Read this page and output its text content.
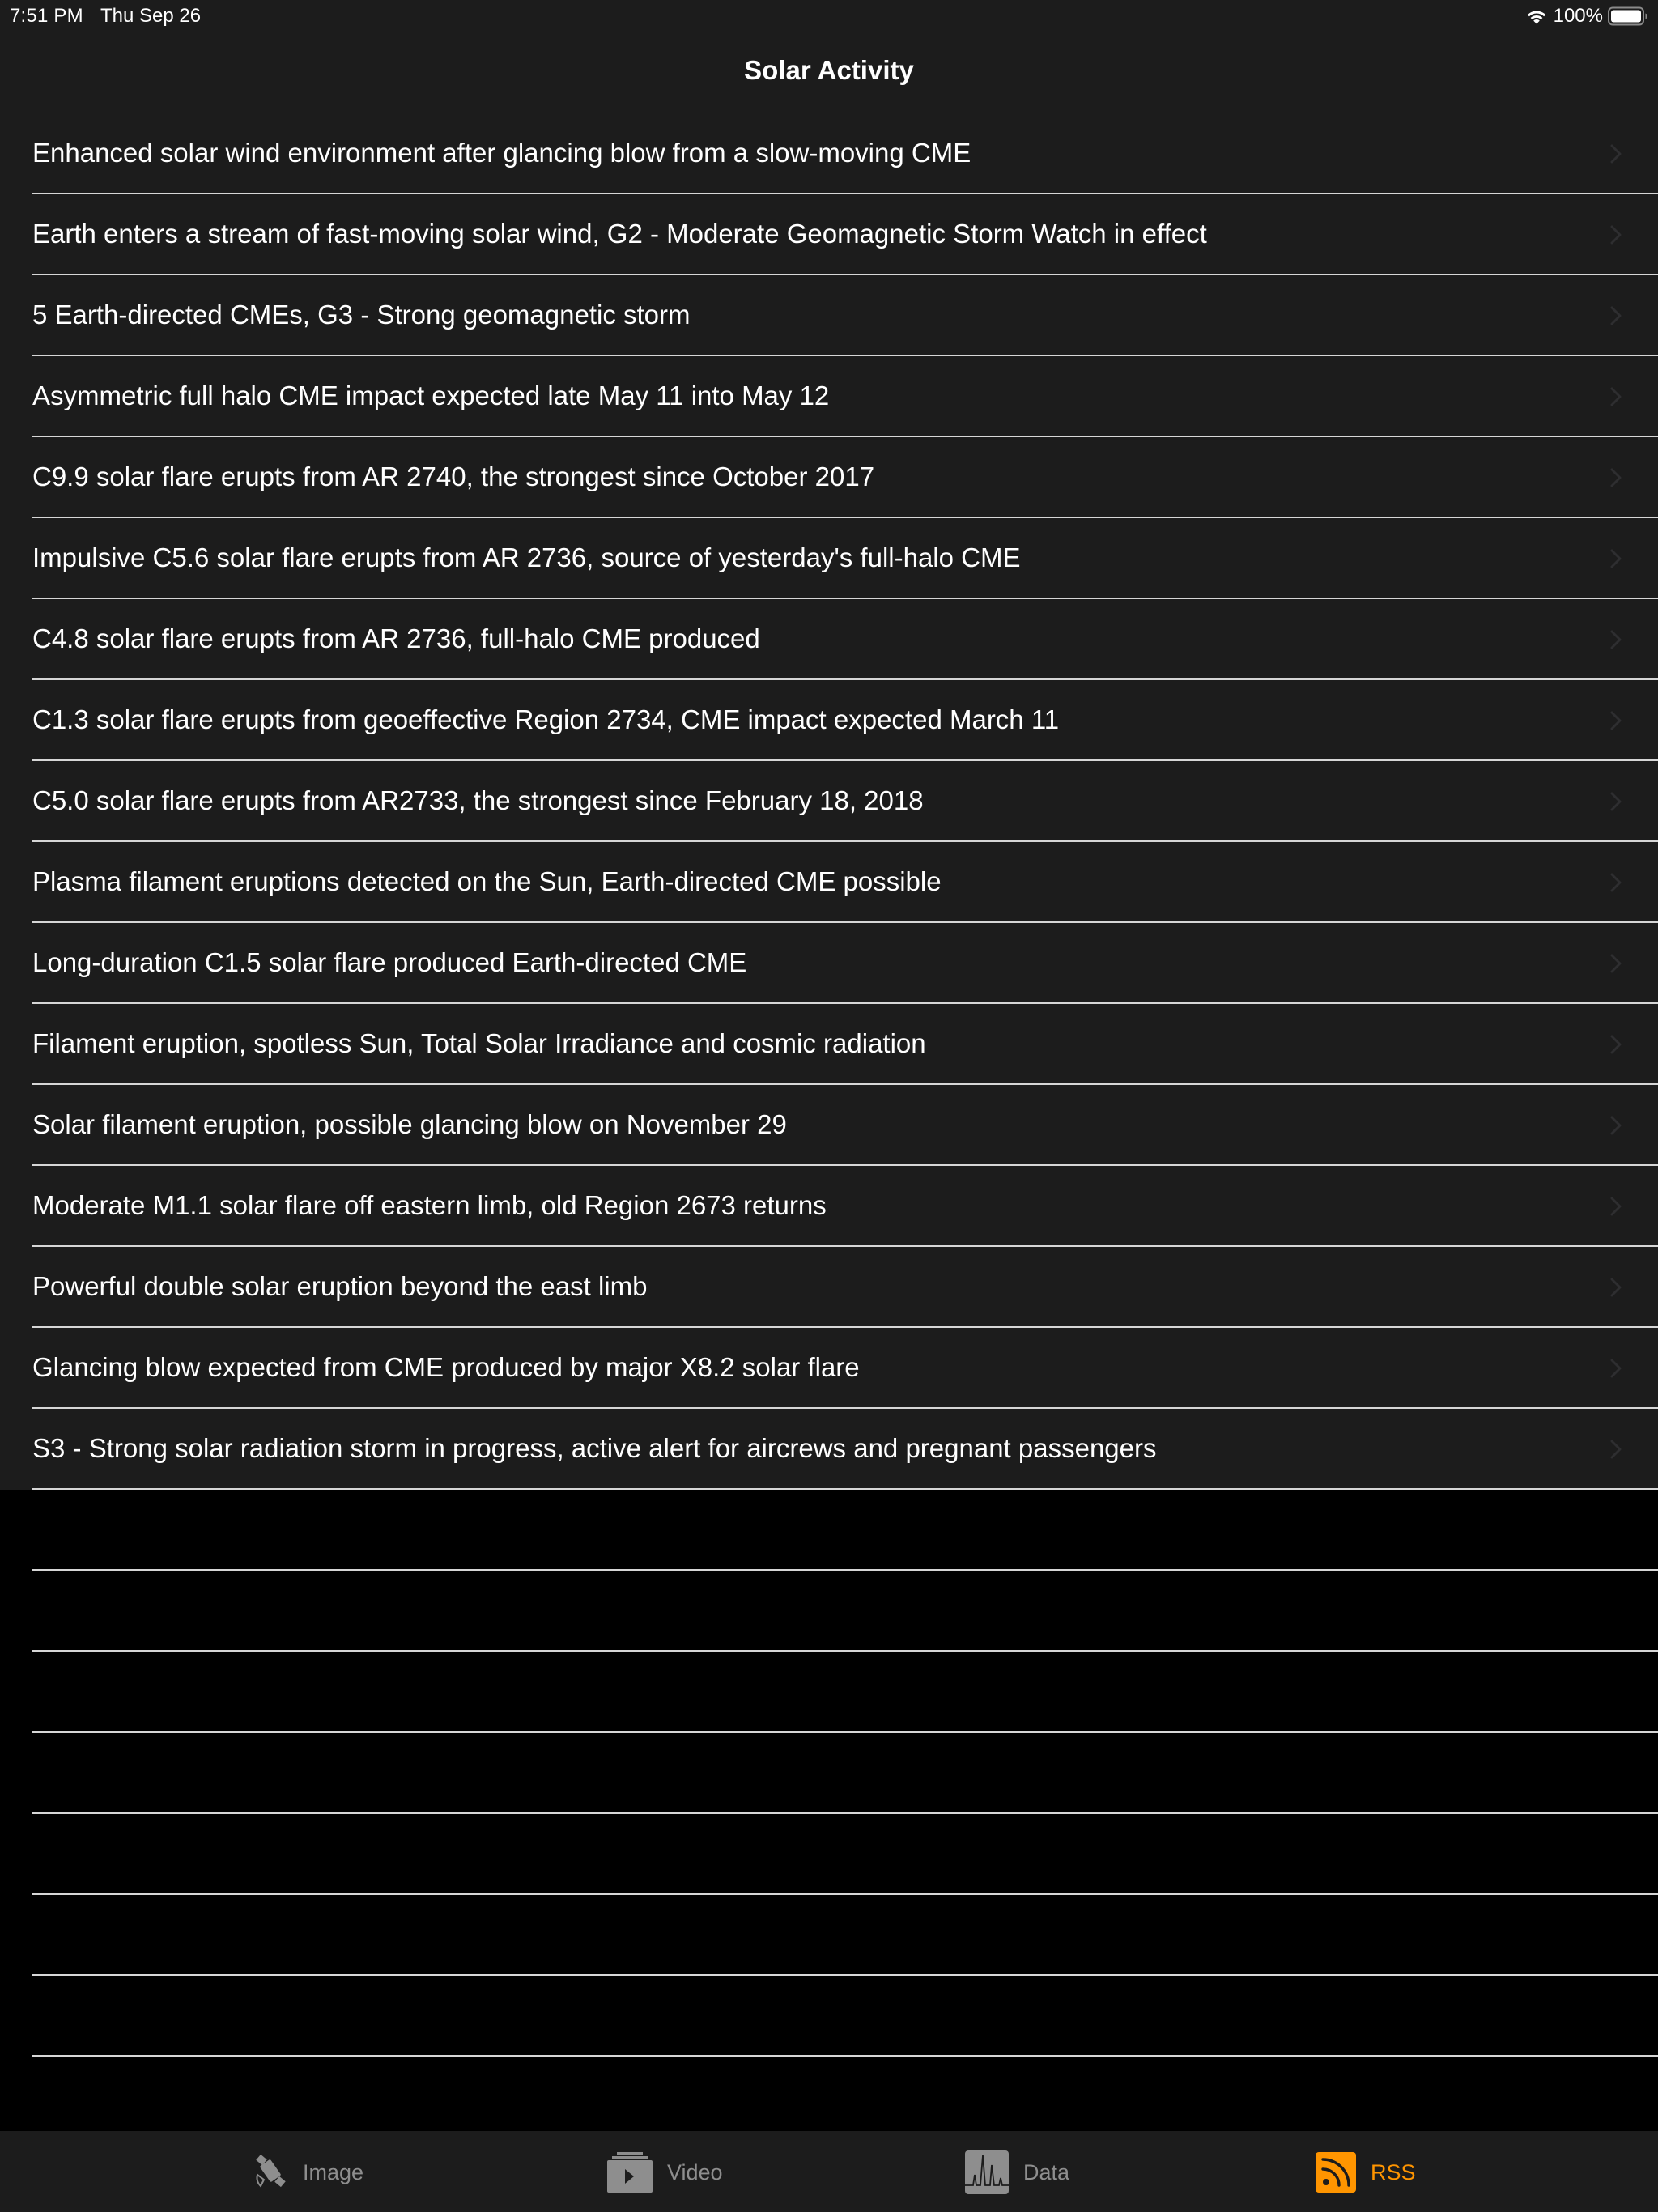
7:51 PM Thu Sep 26	100%
Solar Activity
Enhanced solar wind environment after glancing blow from a slow-moving CME
Earth enters a stream of fast-moving solar wind, G2 - Moderate Geomagnetic Storm Watch in effect
5 Earth-directed CMEs, G3 - Strong geomagnetic storm
Asymmetric full halo CME impact expected late May 11 into May 12
C9.9 solar flare erupts from AR 2740, the strongest since October 2017
Impulsive C5.6 solar flare erupts from AR 2736, source of yesterday's full-halo CME
C4.8 solar flare erupts from AR 2736, full-halo CME produced
C1.3 solar flare erupts from geoeffective Region 2734, CME impact expected March 11
C5.0 solar flare erupts from AR2733, the strongest since February 18, 2018
Plasma filament eruptions detected on the Sun, Earth-directed CME possible
Long-duration C1.5 solar flare produced Earth-directed CME
Filament eruption, spotless Sun, Total Solar Irradiance and cosmic radiation
Solar filament eruption, possible glancing blow on November 29
Moderate M1.1 solar flare off eastern limb, old Region 2673 returns
Powerful double solar eruption beyond the east limb
Glancing blow expected from CME produced by major X8.2 solar flare
S3 - Strong solar radiation storm in progress, active alert for aircrews and pregnant passengers
Image	Video	Data	RSS
